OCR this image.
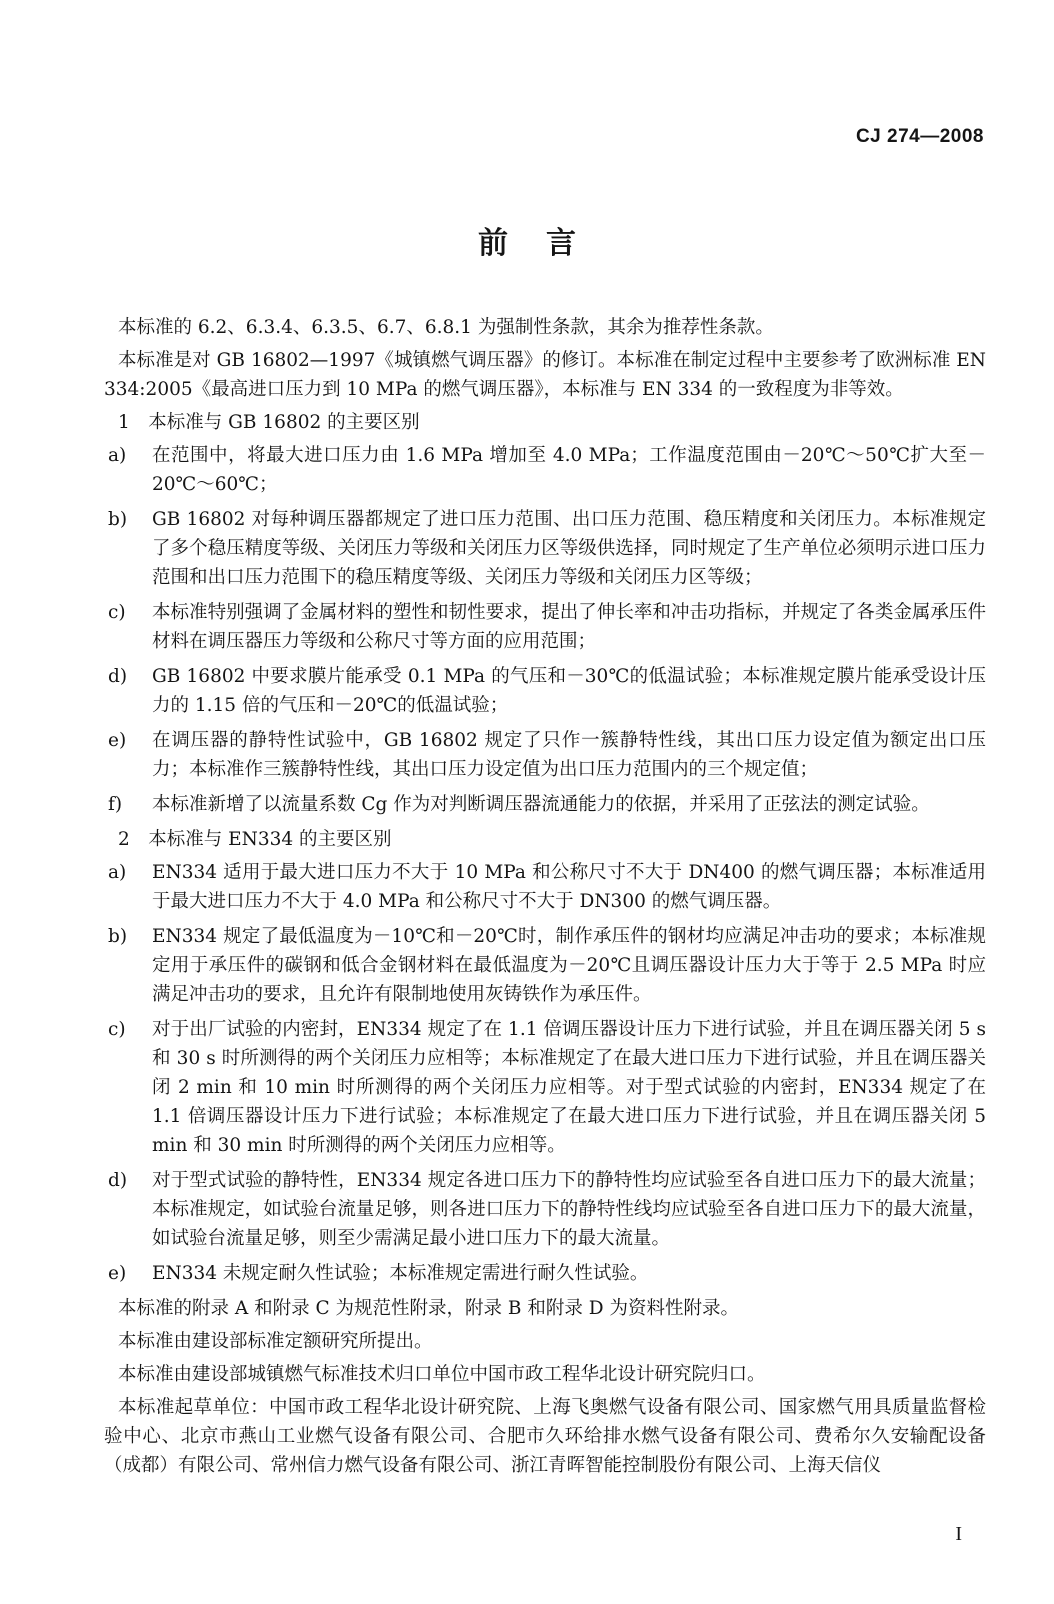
CJ 274—2008
前言
本标准的 6.2、6.3.4、6.3.5、6.7、6.8.1 为强制性条款，其余为推荐性条款。
本标准是对 GB 16802—1997《城镇燃气调压器》的修订。本标准在制定过程中主要参考了欧洲标准 EN 334:2005《最高进口压力到 10 MPa 的燃气调压器》，本标准与 EN 334 的一致程度为非等效。
1　本标准与 GB 16802 的主要区别
a)	在范围中，将最大进口压力由 1.6 MPa 增加至 4.0 MPa；工作温度范围由－20℃～50℃扩大至－20℃～60℃；
b)	GB 16802 对每种调压器都规定了进口压力范围、出口压力范围、稳压精度和关闭压力。本标准规定了多个稳压精度等级、关闭压力等级和关闭压力区等级供选择，同时规定了生产单位必须明示进口压力范围和出口压力范围下的稳压精度等级、关闭压力等级和关闭压力区等级；
c)	本标准特别强调了金属材料的塑性和韧性要求，提出了伸长率和冲击功指标，并规定了各类金属承压件材料在调压器压力等级和公称尺寸等方面的应用范围；
d)	GB 16802 中要求膜片能承受 0.1 MPa 的气压和－30℃的低温试验；本标准规定膜片能承受设计压力的 1.15 倍的气压和－20℃的低温试验；
e)	在调压器的静特性试验中，GB 16802 规定了只作一簇静特性线，其出口压力设定值为额定出口压力；本标准作三簇静特性线，其出口压力设定值为出口压力范围内的三个规定值；
f)	本标准新增了以流量系数 Cg 作为对判断调压器流通能力的依据，并采用了正弦法的测定试验。
2　本标准与 EN334 的主要区别
a)	EN334 适用于最大进口压力不大于 10 MPa 和公称尺寸不大于 DN400 的燃气调压器；本标准适用于最大进口压力不大于 4.0 MPa 和公称尺寸不大于 DN300 的燃气调压器。
b)	EN334 规定了最低温度为－10℃和－20℃时，制作承压件的钢材均应满足冲击功的要求；本标准规定用于承压件的碳钢和低合金钢材料在最低温度为－20℃且调压器设计压力大于等于 2.5 MPa 时应满足冲击功的要求，且允许有限制地使用灰铸铁作为承压件。
c)	对于出厂试验的内密封，EN334 规定了在 1.1 倍调压器设计压力下进行试验，并且在调压器关闭 5 s 和 30 s 时所测得的两个关闭压力应相等；本标准规定了在最大进口压力下进行试验，并且在调压器关闭 2 min 和 10 min 时所测得的两个关闭压力应相等。对于型式试验的内密封，EN334 规定了在 1.1 倍调压器设计压力下进行试验；本标准规定了在最大进口压力下进行试验，并且在调压器关闭 5 min 和 30 min 时所测得的两个关闭压力应相等。
d)	对于型式试验的静特性，EN334 规定各进口压力下的静特性均应试验至各自进口压力下的最大流量；本标准规定，如试验台流量足够，则各进口压力下的静特性线均应试验至各自进口压力下的最大流量，如试验台流量足够，则至少需满足最小进口压力下的最大流量。
e)	EN334 未规定耐久性试验；本标准规定需进行耐久性试验。
本标准的附录 A 和附录 C 为规范性附录，附录 B 和附录 D 为资料性附录。
本标准由建设部标准定额研究所提出。
本标准由建设部城镇燃气标准技术归口单位中国市政工程华北设计研究院归口。
本标准起草单位：中国市政工程华北设计研究院、上海飞奥燃气设备有限公司、国家燃气用具质量监督检验中心、北京市燕山工业燃气设备有限公司、合肥市久环给排水燃气设备有限公司、费希尔久安输配设备（成都）有限公司、常州信力燃气设备有限公司、浙江青晖智能控制股份有限公司、上海天信仪
I
